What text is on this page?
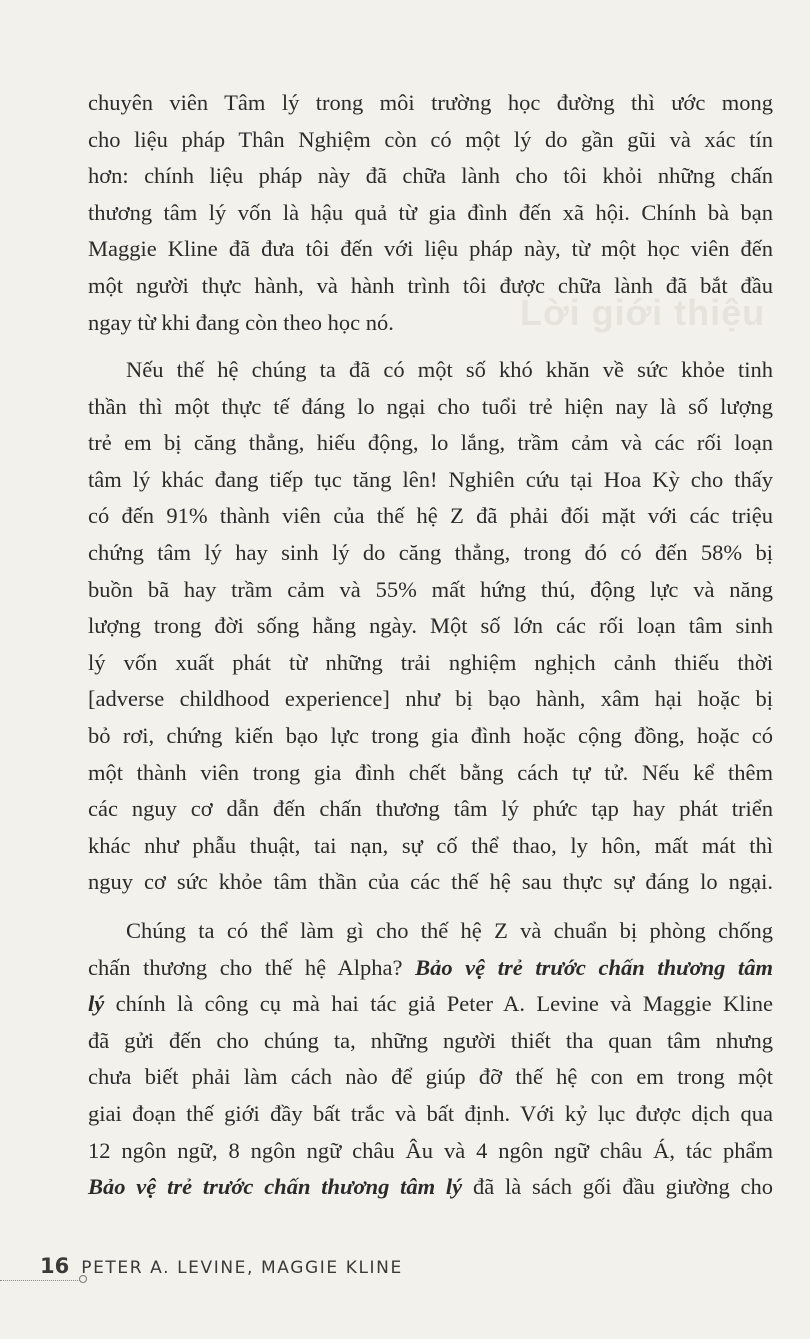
Lời giới thiệu
chuyên viên Tâm lý trong môi trường học đường thì ước mong
cho liệu pháp Thân Nghiệm còn có một lý do gần gũi và xác tín
hơn: chính liệu pháp này đã chữa lành cho tôi khỏi những chấn
thương tâm lý vốn là hậu quả từ gia đình đến xã hội. Chính bà bạn
Maggie Kline đã đưa tôi đến với liệu pháp này, từ một học viên đến
một người thực hành, và hành trình tôi được chữa lành đã bắt đầu
ngay từ khi đang còn theo học nó.
Nếu thế hệ chúng ta đã có một số khó khăn về sức khỏe tinh
thần thì một thực tế đáng lo ngại cho tuổi trẻ hiện nay là số lượng
trẻ em bị căng thẳng, hiếu động, lo lắng, trầm cảm và các rối loạn
tâm lý khác đang tiếp tục tăng lên! Nghiên cứu tại Hoa Kỳ cho thấy
có đến 91% thành viên của thế hệ Z đã phải đối mặt với các triệu
chứng tâm lý hay sinh lý do căng thẳng, trong đó có đến 58% bị
buồn bã hay trầm cảm và 55% mất hứng thú, động lực và năng
lượng trong đời sống hằng ngày. Một số lớn các rối loạn tâm sinh
lý vốn xuất phát từ những trải nghiệm nghịch cảnh thiếu thời
[adverse childhood experience] như bị bạo hành, xâm hại hoặc bị
bỏ rơi, chứng kiến bạo lực trong gia đình hoặc cộng đồng, hoặc có
một thành viên trong gia đình chết bằng cách tự tử. Nếu kể thêm
các nguy cơ dẫn đến chấn thương tâm lý phức tạp hay phát triển
khác như phẫu thuật, tai nạn, sự cố thể thao, ly hôn, mất mát thì
nguy cơ sức khỏe tâm thần của các thế hệ sau thực sự đáng lo ngại.
Chúng ta có thể làm gì cho thế hệ Z và chuẩn bị phòng chống
chấn thương cho thế hệ Alpha? Bảo vệ trẻ trước chấn thương tâm
lý chính là công cụ mà hai tác giả Peter A. Levine và Maggie Kline
đã gửi đến cho chúng ta, những người thiết tha quan tâm nhưng
chưa biết phải làm cách nào để giúp đỡ thế hệ con em trong một
giai đoạn thế giới đầy bất trắc và bất định. Với kỷ lục được dịch qua
12 ngôn ngữ, 8 ngôn ngữ châu Âu và 4 ngôn ngữ châu Á, tác phẩm
Bảo vệ trẻ trước chấn thương tâm lý đã là sách gối đầu giường cho
16 PETER A. LEVINE, MAGGIE KLINE
